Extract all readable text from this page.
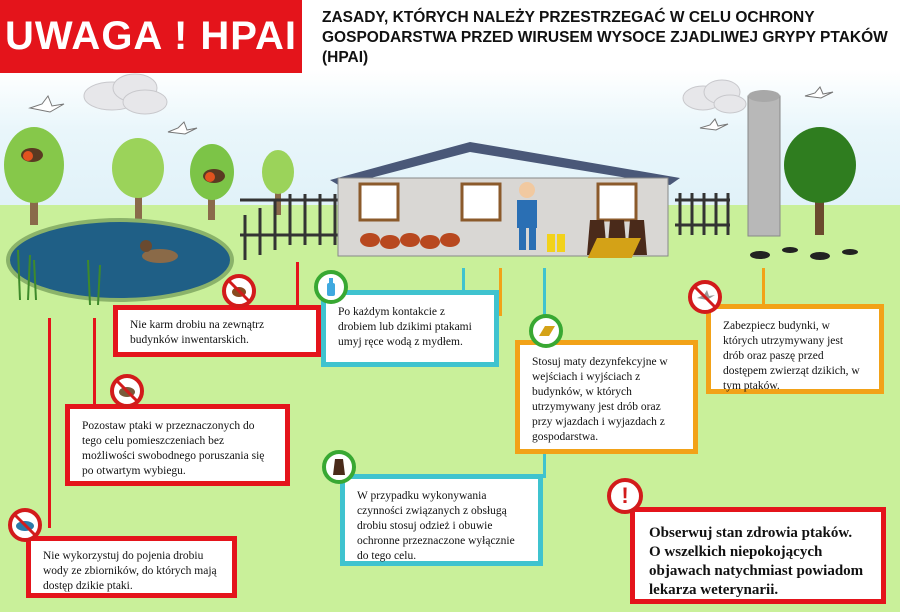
UWAGA ! HPAI	ZASADY, KTÓRYCH NALEŻY PRZESTRZEGAĆ W CELU OCHRONY GOSPODARSTWA PRZED WIRUSEM WYSOCE ZJADLIWEJ GRYPY PTAKÓW (HPAI)
Nie karm drobiu na zewnątrz budynków inwentarskich.
Po każdym kontakcie z drobiem lub dzikimi ptakami umyj ręce wodą z mydłem.
Stosuj maty dezynfekcyjne w wejściach i wyjściach z budynków, w których utrzymywany jest drób oraz przy wjazdach i wyjazdach z gospodarstwa.
Zabezpiecz budynki, w których utrzymywany jest drób oraz paszę przed dostępem zwierząt dzikich, w tym ptaków.
Pozostaw ptaki w przeznaczonych do tego celu pomieszczeniach bez możliwości swobodnego poruszania się po otwartym wybiegu.
W przypadku wykonywania czynności związanych z obsługą drobiu stosuj odzież i obuwie ochronne przeznaczone wyłącznie do tego celu.
Nie wykorzystuj do pojenia drobiu wody ze zbiorników, do których mają dostęp dzikie ptaki.
Obserwuj stan zdrowia ptaków. O wszelkich niepokojących objawach natychmiast powiadom lekarza weterynarii.
!
